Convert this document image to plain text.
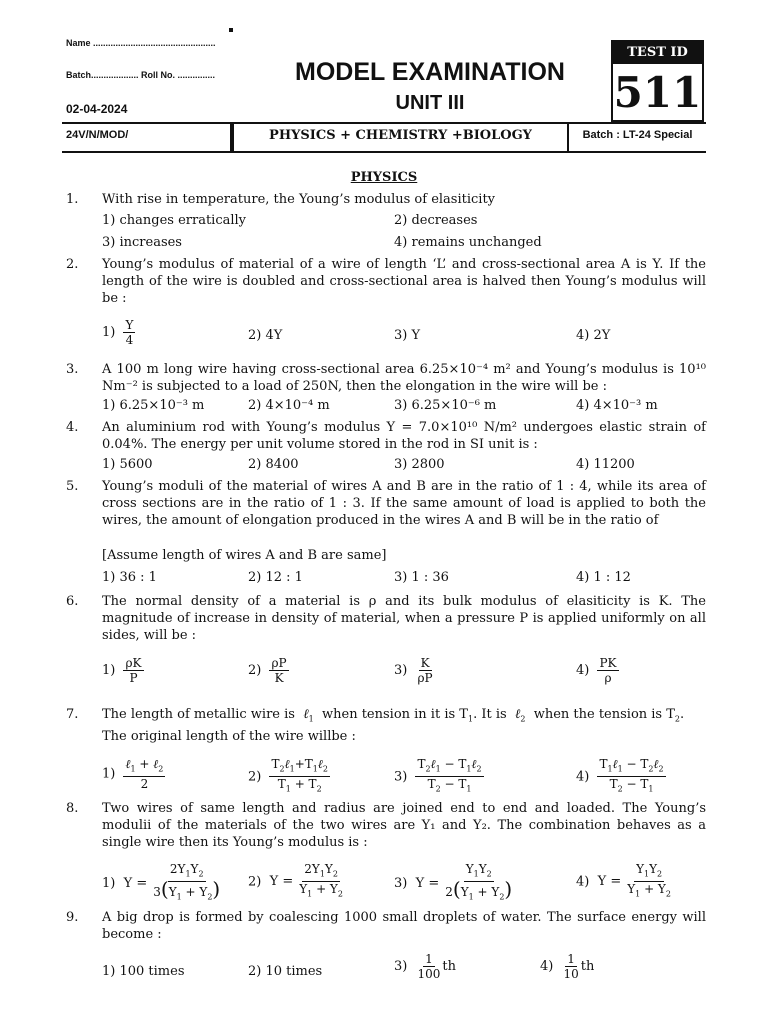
Name .................................................
Batch................... Roll No. ...............
02-04-2024
MODEL EXAMINATION
UNIT III
TEST ID
511
24V/N/MOD/	PHYSICS + CHEMISTRY +BIOLOGY	Batch : LT-24 Special
PHYSICS
1. With rise in temperature, the Young’s modulus of elasiticity
1) changes erratically	2) decreases
3) increases	4) remains unchanged
2. Young’s modulus of material of a wire of length ‘L’ and cross-sectional area A is Y. If the length of the wire is doubled and cross-sectional area is halved then Young’s modulus will be :
$1) \frac{Y}{4}$	2) 4Y	3) Y	4) 2Y
3. A 100 m long wire having cross-sectional area 6.25×10⁻⁴ m² and Young’s modulus is 10¹⁰ Nm⁻² is subjected to a load of 250N, then the elongation in the wire will be :
1) 6.25×10⁻³ m	2) 4×10⁻⁴ m	3) 6.25×10⁻⁶ m	4) 4×10⁻³ m
4. An aluminium rod with Young’s modulus Y = 7.0×10¹⁰ N/m² undergoes elastic strain of 0.04%. The energy per unit volume stored in the rod in SI unit is :
1) 5600	2) 8400	3) 2800	4) 11200
5. Young’s moduli of the material of wires A and B are in the ratio of 1 : 4, while its area of cross sections are in the ratio of 1 : 3. If the same amount of load is applied to both the wires, the amount of elongation produced in the wires A and B will be in the ratio of
[Assume length of wires A and B are same]
1) 36 : 1	2) 12 : 1	3) 1 : 36	4) 1 : 12
6. The normal density of a material is ρ and its bulk modulus of elasiticity is K. The magnitude of increase in density of material, when a pressure P is applied uniformly on all sides, will be :
$1) \frac{\rho K}{P}$	$2) \frac{\rho P}{K}$	$3) \frac{K}{\rho P}$	$4) \frac{PK}{\rho}$
7. The length of metallic wire is  ℓ$_1$ when tension in it is $T_1$. It is  ℓ$_2$ when the tension is $T_2$. The original length of the wire willbe :
$1) \frac{\ell_1 + \ell_2}{2}$	$2) \frac{T_2\ell_1+T_1\ell_2}{T_1 + T_2}$	$3) \frac{T_2\ell_1 - T_1\ell_2}{T_2 - T_1}$	$4) \frac{T_1\ell_1 - T_2\ell_2}{T_2 - T_1}$
8. Two wires of same length and radius are joined end to end and loaded. The Young’s modulii of the materials of the two wires are Y₁ and Y₂. The combination behaves as a single wire then its Young’s modulus is :
1)  $Y = \frac{2Y_1Y_2}{3(Y_1 + Y_2)} 2$)  $Y = \frac{2Y_1Y_2}{Y_1 + Y_2}$	3)  $Y = \frac{Y_1Y_2}{2(Y_1 + Y_2)}$	4)  $Y = \frac{Y_1Y_2}{Y_1 + Y_2}$
9. A big drop is formed by coalescing 1000 small droplets of water. The surface energy will become :
1) 100 times	2) 10 times	$3) \frac{1}{100}$ th	$4) \frac{1}{10}$ th
